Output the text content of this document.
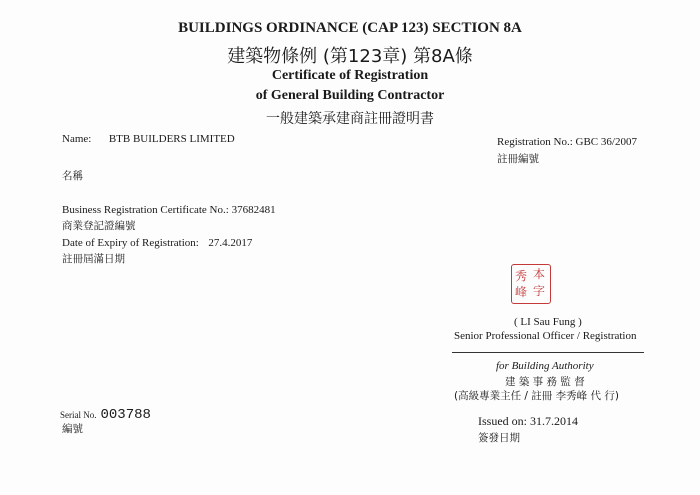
BUILDINGS ORDINANCE (CAP 123) SECTION 8A
建築物條例 (第123章) 第8A條
Certificate of Registration
of General Building Contractor
一般建築承建商註冊證明書
Name: BTB BUILDERS LIMITED
名稱
Registration No.: GBC 36/2007
註冊編號
Business Registration Certificate No.: 37682481
商業登記證編號
Date of Expiry of Registration: 27.4.2017
註冊屆滿日期
秀 本
峰 字
( LI Sau Fung )
Senior Professional Officer / Registration
for Building Authority
建 築 事 務 監 督
(高級專業主任 / 註冊 李秀峰 代 行)
Serial No. 003788
編號
Issued on: 31.7.2014
簽發日期
